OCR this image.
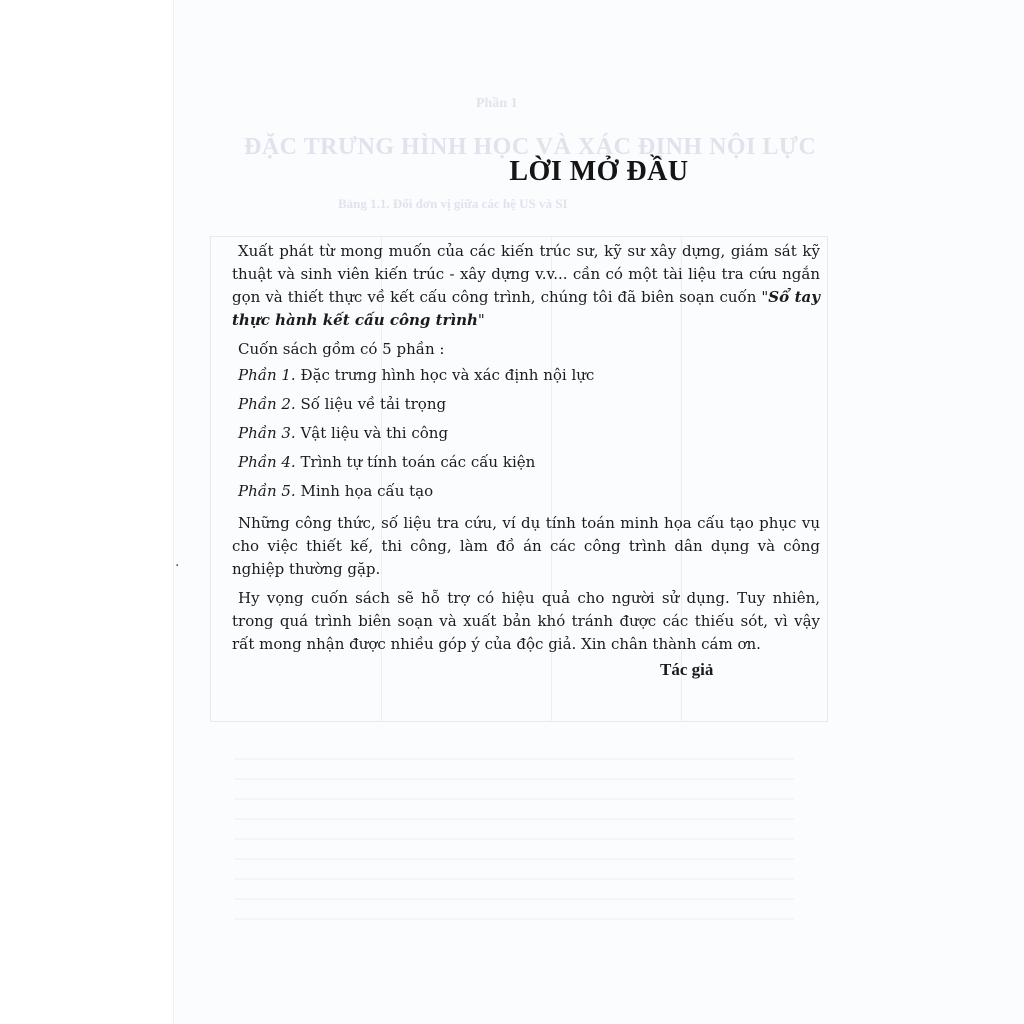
Phần 1
ĐẶC TRƯNG HÌNH HỌC VÀ XÁC ĐỊNH NỘI LỰC
Bảng 1.1. Đổi đơn vị giữa các hệ US và SI
LỜI MỞ ĐẦU

Xuất phát từ mong muốn của các kiến trúc sư, kỹ sư xây dựng, giám sát kỹ thuật và sinh viên kiến trúc - xây dựng v.v... cần có một tài liệu tra cứu ngắn gọn và thiết thực về kết cấu công trình, chúng tôi đã biên soạn cuốn "Sổ tay thực hành kết cấu công trình"

Cuốn sách gồm có 5 phần :

Phần 1. Đặc trưng hình học và xác định nội lực
Phần 2. Số liệu về tải trọng
Phần 3. Vật liệu và thi công
Phần 4. Trình tự tính toán các cấu kiện
Phần 5. Minh họa cấu tạo

Những công thức, số liệu tra cứu, ví dụ tính toán minh họa cấu tạo phục vụ cho việc thiết kế, thi công, làm đồ án các công trình dân dụng và công nghiệp thường gặp.

Hy vọng cuốn sách sẽ hỗ trợ có hiệu quả cho người sử dụng. Tuy nhiên, trong quá trình biên soạn và xuất bản khó tránh được các thiếu sót, vì vậy rất mong nhận được nhiều góp ý của độc giả. Xin chân thành cám ơn.

Tác giả
·
